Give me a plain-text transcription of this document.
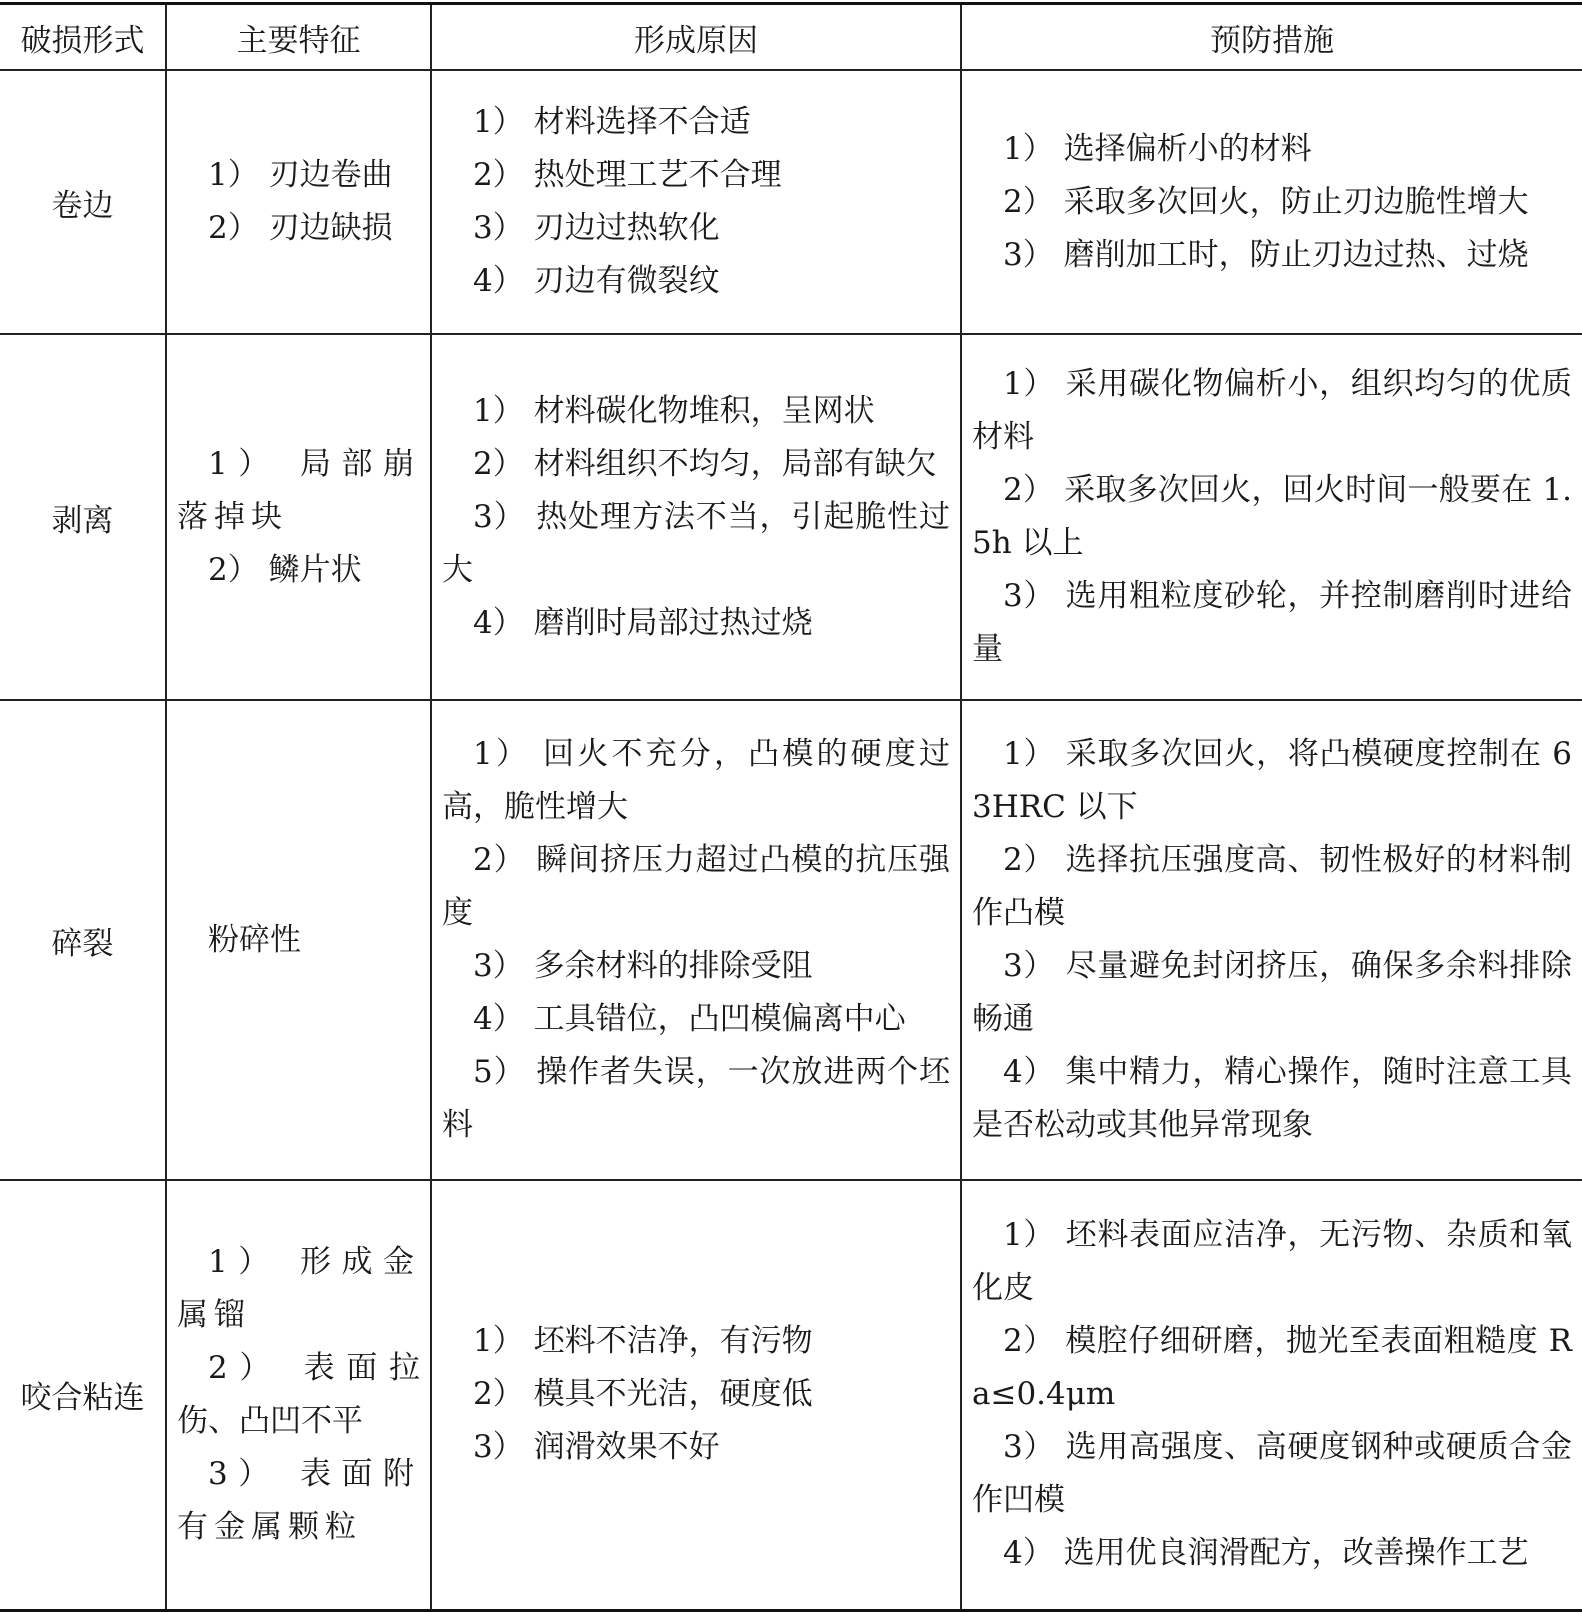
破损形式	主要特征	形成原因	预防措施
卷边	1） 刃边卷曲
2） 刃边缺损	1） 材料选择不合适
2） 热处理工艺不合理
3） 刃边过热软化
4） 刃边有微裂纹	1） 选择偏析小的材料
2） 采取多次回火，防止刃边脆性增大
3） 磨削加工时，防止刃边过热、过烧

剥离	1） 局部崩落掉块
2） 鳞片状	1） 材料碳化物堆积，呈网状
2） 材料组织不均匀，局部有缺欠
3） 热处理方法不当，引起脆性过大
4） 磨削时局部过热过烧	1） 采用碳化物偏析小，组织均匀的优质材料
2） 采取多次回火，回火时间一般要在 1.5h 以上
3） 选用粗粒度砂轮，并控制磨削时进给量

碎裂	粉碎性	1） 回火不充分，凸模的硬度过高，脆性增大
2） 瞬间挤压力超过凸模的抗压强度
3） 多余材料的排除受阻
4） 工具错位，凸凹模偏离中心
5） 操作者失误，一次放进两个坯料	1） 采取多次回火，将凸模硬度控制在 63HRC 以下
2） 选择抗压强度高、韧性极好的材料制作凸模
3） 尽量避免封闭挤压，确保多余料排除畅通
4） 集中精力，精心操作，随时注意工具是否松动或其他异常现象

咬合粘连	1） 形成金属镏
2） 表面拉伤、凸凹不平
3） 表面附有金属颗粒	1） 坯料不洁净，有污物
2） 模具不光洁，硬度低
3） 润滑效果不好	1） 坯料表面应洁净，无污物、杂质和氧化皮
2） 模腔仔细研磨，抛光至表面粗糙度 Ra≤0.4μm
3） 选用高强度、高硬度钢种或硬质合金作凹模
4） 选用优良润滑配方，改善操作工艺
